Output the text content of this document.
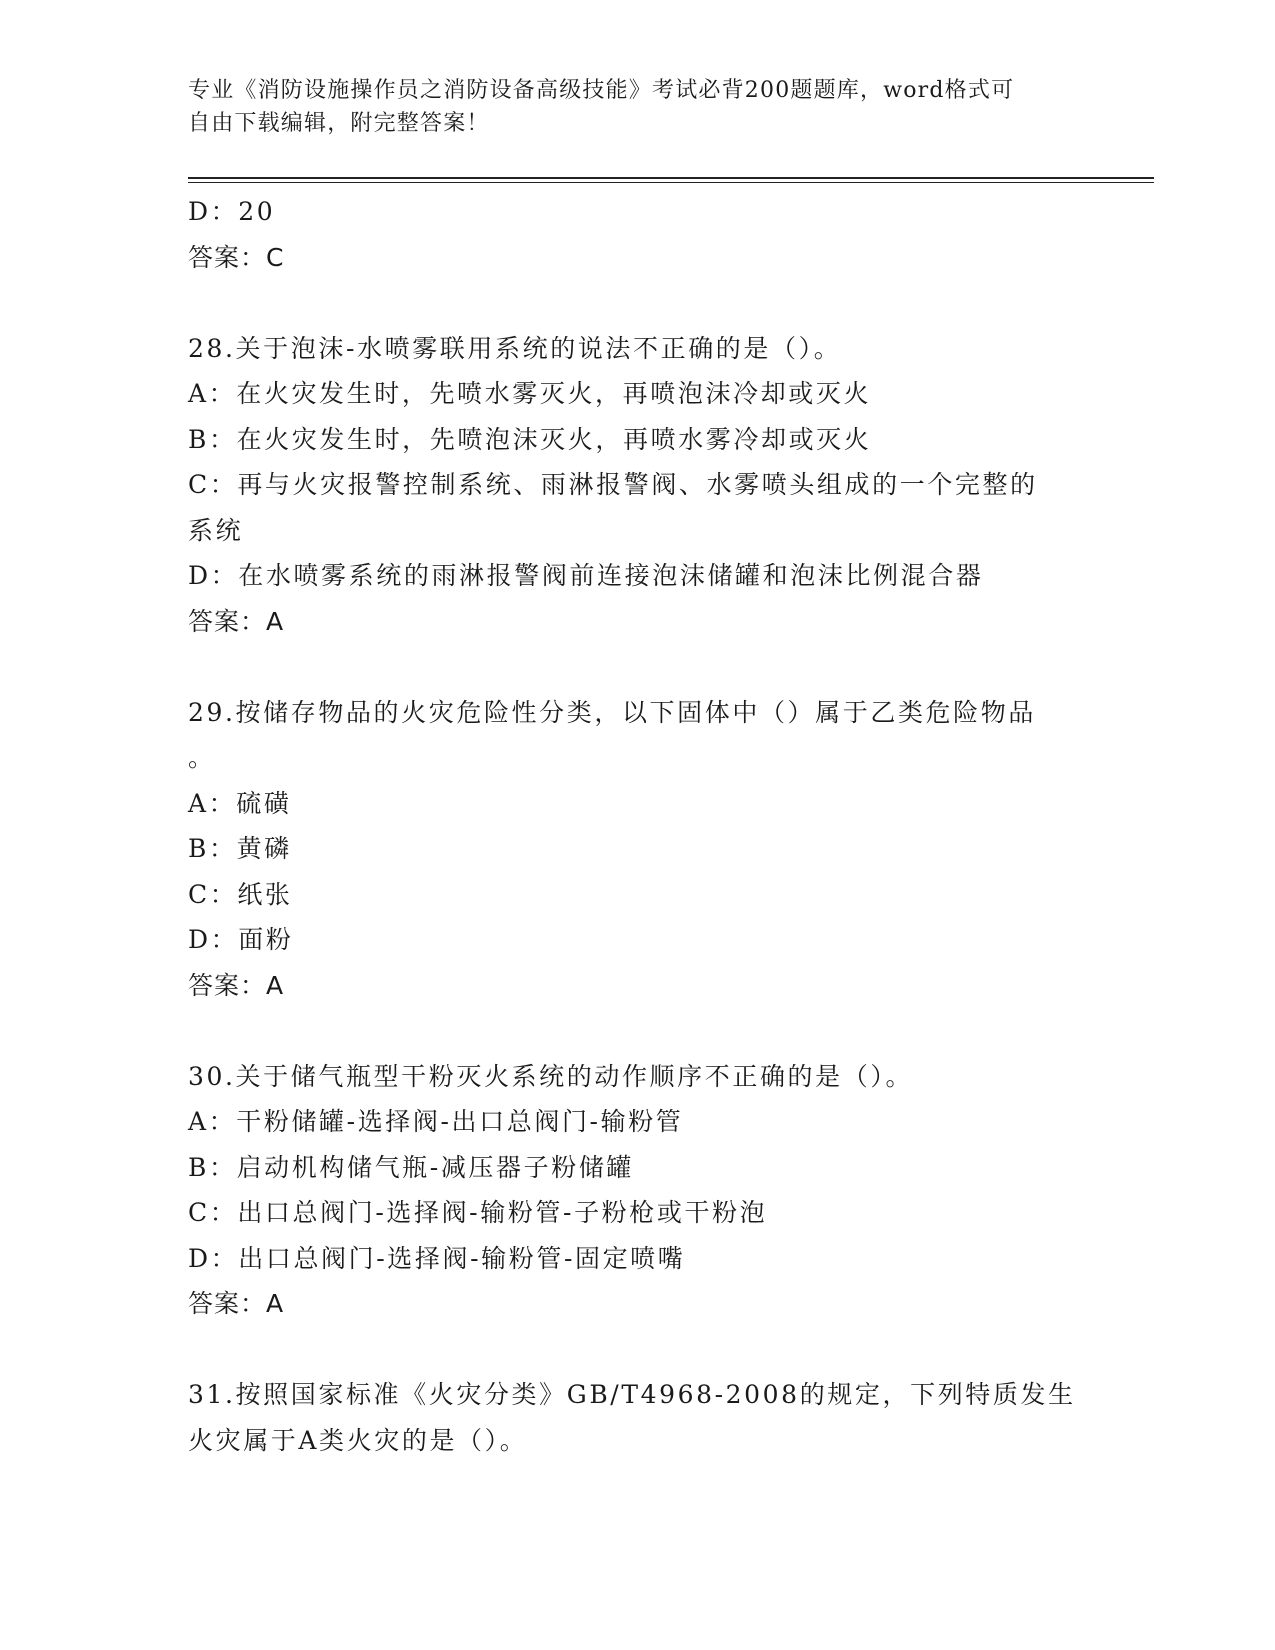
专业《消防设施操作员之消防设备高级技能》考试必背200题题库，word格式可
自由下载编辑，附完整答案！
D：20
答案：C
28.关于泡沫-水喷雾联用系统的说法不正确的是（）。
A：在火灾发生时，先喷水雾灭火，再喷泡沫冷却或灭火
B：在火灾发生时，先喷泡沫灭火，再喷水雾冷却或灭火
C：再与火灾报警控制系统、雨淋报警阀、水雾喷头组成的一个完整的
系统
D：在水喷雾系统的雨淋报警阀前连接泡沫储罐和泡沫比例混合器
答案：A
29.按储存物品的火灾危险性分类，以下固体中（）属于乙类危险物品
。
A：硫磺
B：黄磷
C：纸张
D：面粉
答案：A
30.关于储气瓶型干粉灭火系统的动作顺序不正确的是（）。
A：干粉储罐-选择阀-出口总阀门-输粉管
B：启动机构储气瓶-减压器子粉储罐
C：出口总阀门-选择阀-输粉管-子粉枪或干粉泡
D：出口总阀门-选择阀-输粉管-固定喷嘴
答案：A
31.按照国家标准《火灾分类》GB/T4968-2008的规定，下列特质发生
火灾属于A类火灾的是（）。
